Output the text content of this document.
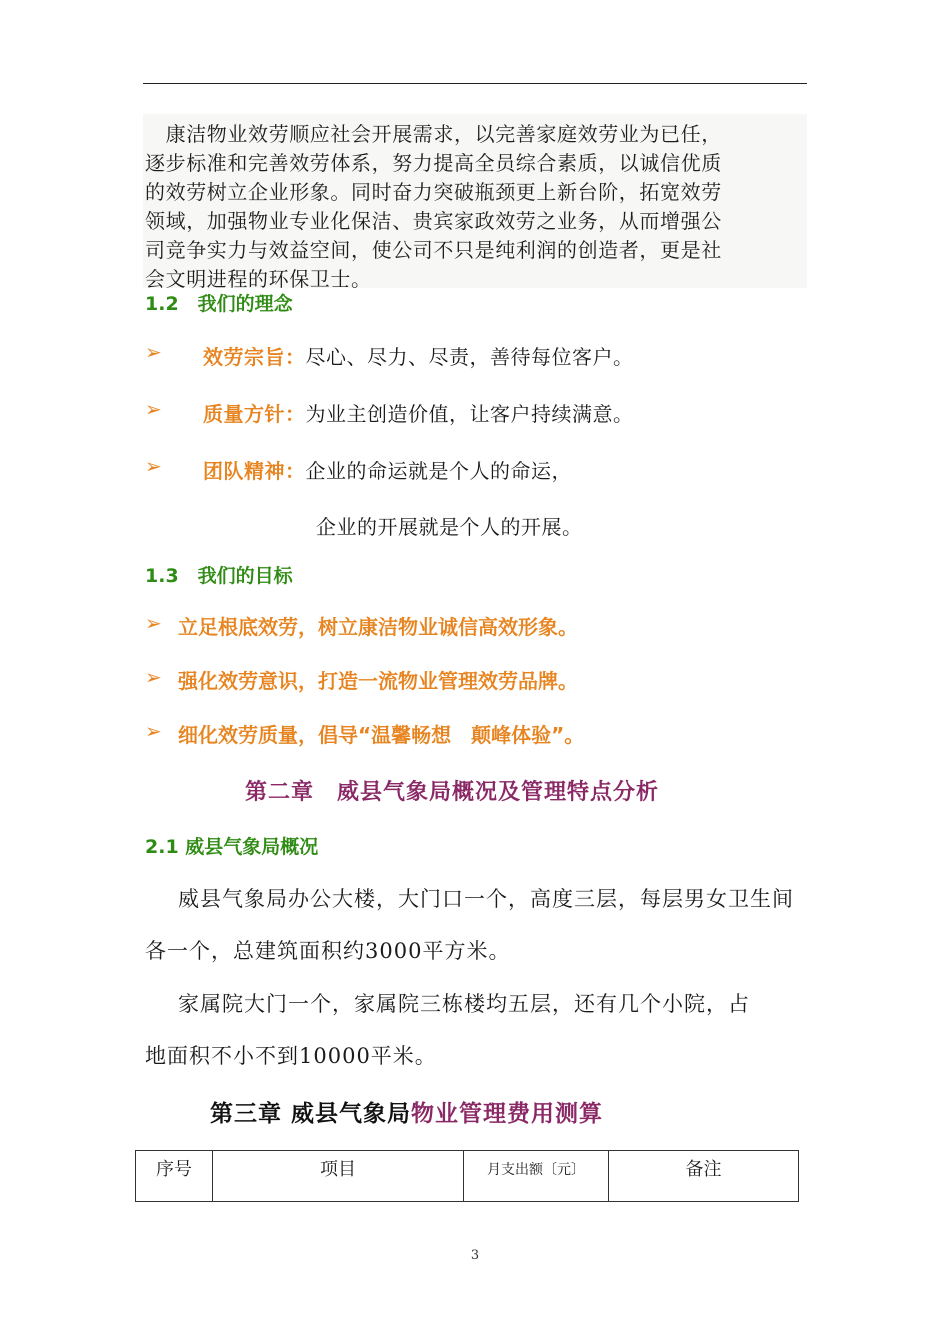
　康洁物业效劳顺应社会开展需求，以完善家庭效劳业为已任，
逐步标准和完善效劳体系，努力提高全员综合素质，以诚信优质
的效劳树立企业形象。同时奋力突破瓶颈更上新台阶，拓宽效劳
领域，加强物业专业化保洁、贵宾家政效劳之业务，从而增强公
司竞争实力与效益空间，使公司不只是纯利润的创造者，更是社
会文明进程的环保卫士。
1.2　我们的理念
➢ 效劳宗旨：尽心、尽力、尽责，善待每位客户。
➢ 质量方针：为业主创造价值，让客户持续满意。
➢ 团队精神：企业的命运就是个人的命运，
企业的开展就是个人的开展。
1.3　我们的目标
➢ 立足根底效劳，树立康洁物业诚信高效形象。
➢ 强化效劳意识，打造一流物业管理效劳品牌。
➢ 细化效劳质量，倡导“温馨畅想　颠峰体验”。
第二章　威县气象局概况及管理特点分析
2.1 威县气象局概况
威县气象局办公大楼，大门口一个，高度三层，每层男女卫生间
各一个，总建筑面积约3000平方米。
家属院大门一个，家属院三栋楼均五层，还有几个小院，占
地面积不小不到10000平米。
第三章 威县气象局物业管理费用测算
序号	项目	月支出额〔元〕	备注
3
